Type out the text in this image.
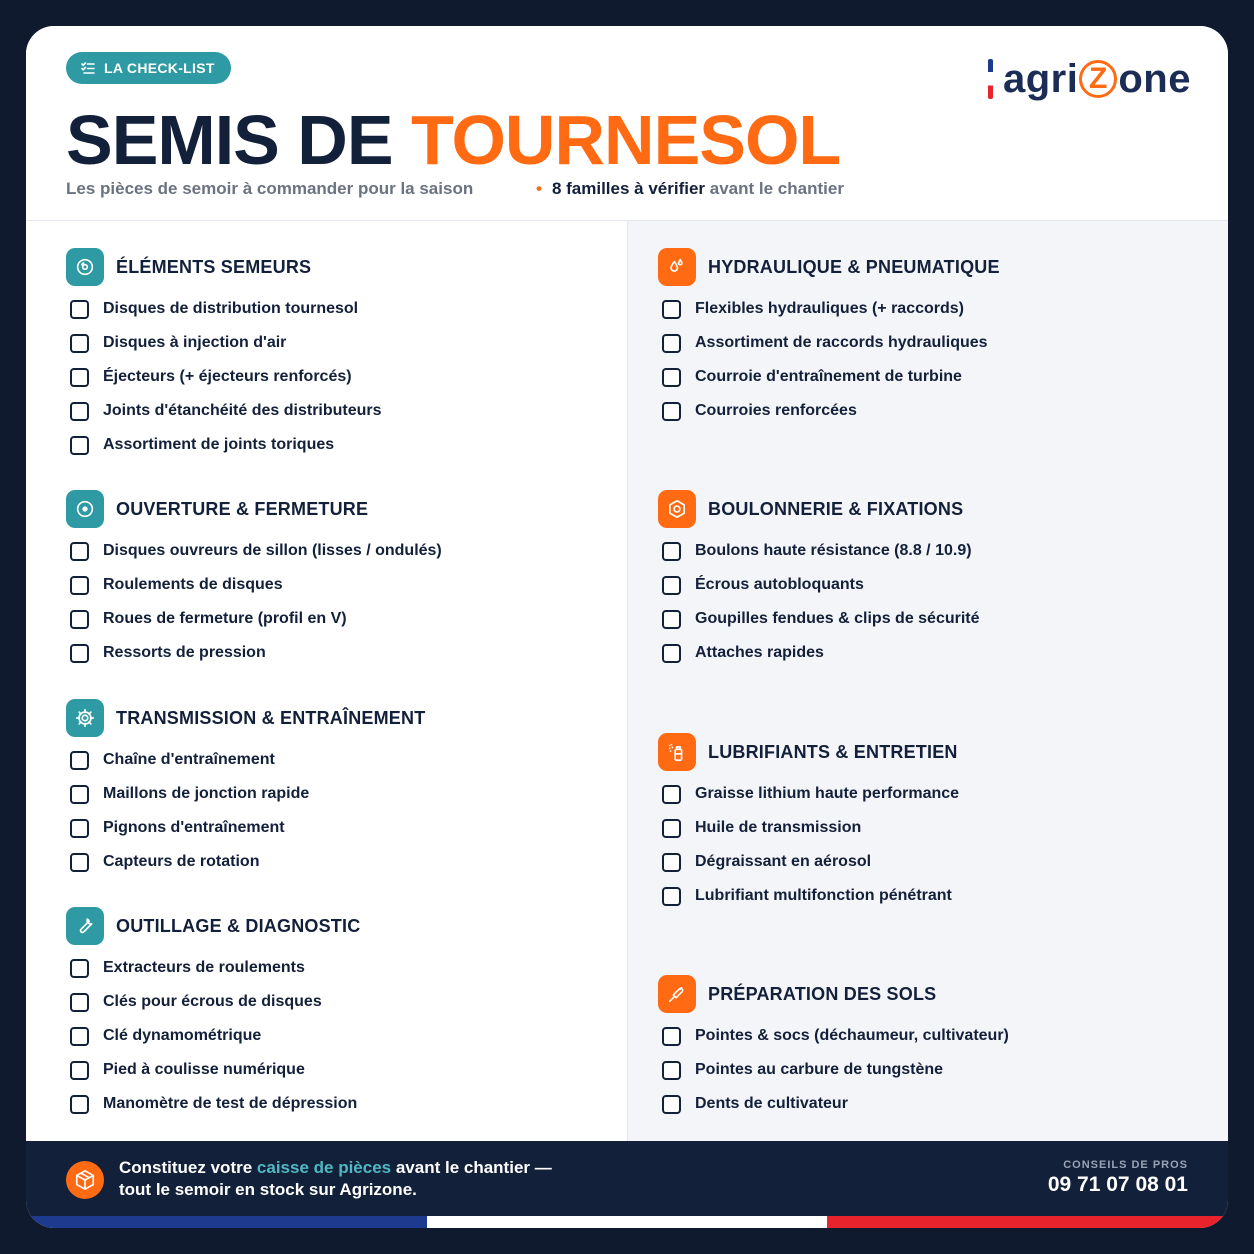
LA CHECK-LIST
SEMIS DE TOURNESOL
Les pièces de semoir à commander pour la saison	• 8 familles à vérifier avant le chantier
agri Z one
ÉLÉMENTS SEMEURS
Disques de distribution tournesol
Disques à injection d'air
Éjecteurs (+ éjecteurs renforcés)
Joints d'étanchéité des distributeurs
Assortiment de joints toriques
OUVERTURE & FERMETURE
Disques ouvreurs de sillon (lisses / ondulés)
Roulements de disques
Roues de fermeture (profil en V)
Ressorts de pression
TRANSMISSION & ENTRAÎNEMENT
Chaîne d'entraînement
Maillons de jonction rapide
Pignons d'entraînement
Capteurs de rotation
OUTILLAGE & DIAGNOSTIC
Extracteurs de roulements
Clés pour écrous de disques
Clé dynamométrique
Pied à coulisse numérique
Manomètre de test de dépression
HYDRAULIQUE & PNEUMATIQUE
Flexibles hydrauliques (+ raccords)
Assortiment de raccords hydrauliques
Courroie d'entraînement de turbine
Courroies renforcées
BOULONNERIE & FIXATIONS
Boulons haute résistance (8.8 / 10.9)
Écrous autobloquants
Goupilles fendues & clips de sécurité
Attaches rapides
LUBRIFIANTS & ENTRETIEN
Graisse lithium haute performance
Huile de transmission
Dégraissant en aérosol
Lubrifiant multifonction pénétrant
PRÉPARATION DES SOLS
Pointes & socs (déchaumeur, cultivateur)
Pointes au carbure de tungstène
Dents de cultivateur
Constituez votre caisse de pièces avant le chantier —
tout le semoir en stock sur Agrizone.
CONSEILS DE PROS
09 71 07 08 01
